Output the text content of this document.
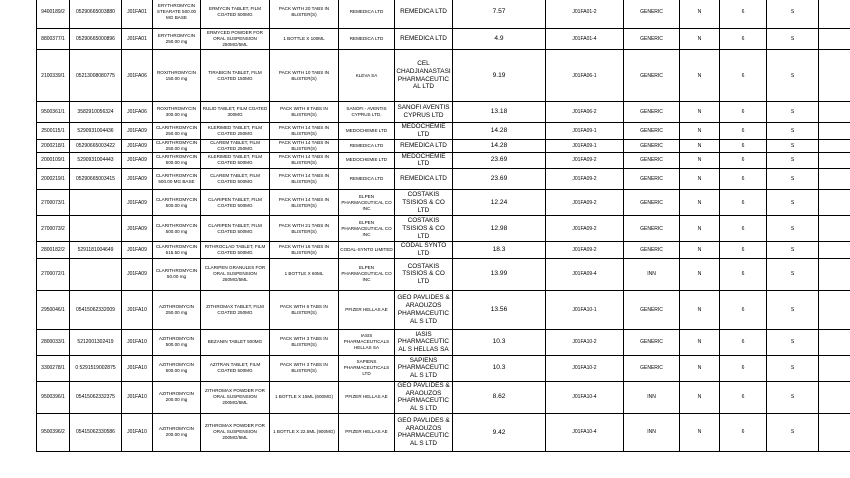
9400189/2	05290665003880	J01FA01	ERYTHROMYCIN STEARATE 500.00 MG BASE	ERMYCIN TABLET, FILM COATED 500MG	PACK WITH 20 TABS IN BLISTER(S)	REMEDICA LTD	REMEDICA LTD	7.57	J01FA01-2	GENERIC	N	6	S	
8800377/1	05290665000896	J01FA01	ERYTHROMYCIN 250.00 mg	ERMYCED POWDER FOR ORAL SUSPENSION 250MG/5ML	1 BOTTLE X 100ML	REMEDICA LTD	REMEDICA LTD	4.9	J01FA01-4	GENERIC	N	6	S	
2100339/1	05213008080775	J01FA06	ROXITHROMYCIN 150.00 mg	TIRABICIN TABLET, FILM COATED 150MG	PACK WITH 10 TABS IN BLISTER(S)	KLEVA SA	CEL CHADJIANASTASI PHARMACEUTICAL LTD	9.19	J01FA06-1	GENERIC	N	6	S	
9500361/1	3582910056324	J01FA06	ROXITHROMYCIN 300.00 mg	RULID TABLET, FILM COATED 300MG	PACK WITH 8 TABS IN BLISTER(S)	SANOFI - AVENTIS CYPRUS LTD.	SANOFI AVENTIS CYPRUS LTD	13.18	J01FA06-2	GENERIC	N	6	S	
2500115/1	5290931004436	J01FA09	CLARITHROMYCIN 250.00 mg	KLERIMED TABLET, FILM COATED 250MG	PACK WITH 14 TABS IN BLISTER(S)	MEDOCHEMIE LTD	MEDOCHEMIE LTD	14.28	J01FA09-1	GENERIC	N	6	S	
2000218/1	05290665003422	J01FA09	CLARITHROMYCIN 250.00 mg	CLAREM TABLET, FILM COATED 250MG	PACK WITH 14 TABS IN BLISTER(S)	REMEDICA LTD	REMEDICA LTD	14.28	J01FA09-1	GENERIC	N	6	S	
2000109/1	5290931004443	J01FA09	CLARITHROMYCIN 500.00 mg	KLERIMED TABLET, FILM COATED 500MG	PACK WITH 14 TABS IN BLISTER(S)	MEDOCHEMIE LTD	MEDOCHEMIE LTD	23.69	J01FA09-2	GENERIC	N	6	S	
2000219/1	05290665003415	J01FA09	CLARITHROMYCIN 500.00 MG BASE	CLAREM TABLET, FILM COATED 500MG	PACK WITH 14 TABS IN BLISTER(S)	REMEDICA LTD	REMEDICA LTD	23.69	J01FA09-2	GENERIC	N	6	S	
2700073/1		J01FA09	CLARITHROMYCIN 500.00 mg	CLARIPEN TABLET, FILM COATED 500MG	PACK WITH 14 TABS IN BLISTER(S)	ELPEN PHARMACEUTICAL CO INC	COSTAKIS TSISIOS & CO LTD	12.24	J01FA09-2	GENERIC	N	6	S	
2700073/2		J01FA09	CLARITHROMYCIN 500.00 mg	CLARIPEN TABLET, FILM COATED 500MG	PACK WITH 21 TABS IN BLISTER(S)	ELPEN PHARMACEUTICAL CO INC	COSTAKIS TSISIOS & CO LTD	12.98	J01FA09-2	GENERIC	N	6	S	
2800182/2	5291181004649	J01FA09	CLARITHROMYCIN 515.50 mg	RITHROCLAD TABLET, FILM COATED 500MG	PACK WITH 16 TABS IN BLISTER(S)	CODAL-SYNTO LIMITED	CODAL SYNTO LTD	18.3	J01FA09-2	GENERIC	N	6	S	
2700072/1		J01FA09	CLARITHROMYCIN 50.00 mg	CLARIPEN GRANULES FOR ORAL SUSPENSION 250MG/5ML	1 BOTTLE X 60ML	ELPEN PHARMACEUTICAL CO INC	COSTAKIS TSISIOS & CO LTD	13.99	J01FA09-4	INN	N	6	S	
2950046/1	05415062332009	J01FA10	AZITHROMYCIN 250.00 mg	ZITHROMAX TABLET, FILM COATED 250MG	PACK WITH 6 TABS IN BLISTER(S)	PFIZER HELLAS AE	GEO PAVLIDES & ARAOUZOS PHARMACEUTICAL S LTD	13.56	J01FA10-1	GENERIC	N	6	S	
2800033/1	5212001302419	J01FA10	AZITHROMYCIN 500.00 mg	BEZANIN TABLET 500MG	PACK WITH 3 TABS IN BLISTER(S)	IASIS PHARMACEUTICALS HELLAS SA	IASIS PHARMACEUTICAL S HELLAS SA	10.3	J01FA10-2	GENERIC	N	6	S	
3300278/1	0 5291519002875	J01FA10	AZITHROMYCIN 500.00 mg	AZITRAN TABLET, FILM COATED 500MG	PACK WITH 3 TABS IN BLISTER(S)	SAPIENS PHARMACEUTICALS LTD	SAPIENS PHARMACEUTICAL S LTD	10.3	J01FA10-2	GENERIC	N	6	S	
9500396/1	05415062332375	J01FA10	AZITHROMYCIN 200.00 mg	ZITHROMAX POWDER FOR ORAL SUSPENSION 200MG/5ML	1 BOTTLE X 15ML (600MG)	PFIZER HELLAS AE	GEO PAVLIDES & ARAOUZOS PHARMACEUTICAL S LTD	8.62	J01FA10-4	INN	N	6	S	
9500396/2	05415062330586	J01FA10	AZITHROMYCIN 200.00 mg	ZITHROMAX POWDER FOR ORAL SUSPENSION 200MG/5ML	1 BOTTLE X 22.5ML (900MG)	PFIZER HELLAS AE	GEO PAVLIDES & ARAOUZOS PHARMACEUTICAL S LTD	9.42	J01FA10-4	INN	N	6	S	
